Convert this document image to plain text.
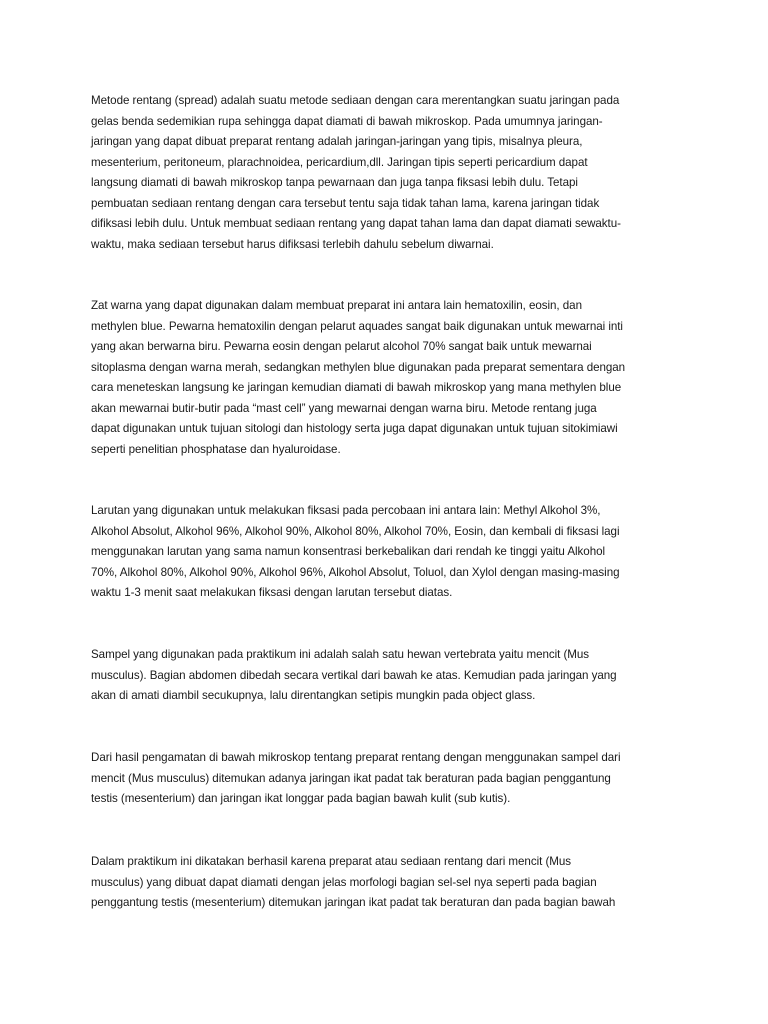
Metode rentang (spread) adalah suatu metode sediaan dengan cara merentangkan suatu jaringan pada
gelas benda sedemikian rupa sehingga dapat diamati di bawah mikroskop. Pada umumnya jaringan-
jaringan yang dapat dibuat preparat rentang adalah jaringan-jaringan yang tipis, misalnya pleura,
mesenterium, peritoneum, plarachnoidea, pericardium,dll. Jaringan tipis seperti pericardium dapat
langsung diamati di bawah mikroskop tanpa pewarnaan dan juga tanpa fiksasi lebih dulu. Tetapi
pembuatan sediaan rentang dengan cara tersebut tentu saja tidak tahan lama, karena jaringan tidak
difiksasi lebih dulu. Untuk membuat sediaan rentang yang dapat tahan lama dan dapat diamati sewaktu-
waktu, maka sediaan tersebut harus difiksasi terlebih dahulu sebelum diwarnai.

Zat warna yang dapat digunakan dalam membuat preparat ini antara lain hematoxilin, eosin, dan
methylen blue. Pewarna hematoxilin dengan pelarut aquades sangat baik digunakan untuk mewarnai inti
yang akan berwarna biru. Pewarna eosin dengan pelarut alcohol 70% sangat baik untuk mewarnai
sitoplasma dengan warna merah, sedangkan methylen blue digunakan pada preparat sementara dengan
cara meneteskan langsung ke jaringan kemudian diamati di bawah mikroskop yang mana methylen blue
akan mewarnai butir-butir pada “mast cell” yang mewarnai dengan warna biru. Metode rentang juga
dapat digunakan untuk tujuan sitologi dan histology serta juga dapat digunakan untuk tujuan sitokimiawi
seperti penelitian phosphatase dan hyaluroidase.

Larutan yang digunakan untuk melakukan fiksasi pada percobaan ini antara lain: Methyl Alkohol 3%,
Alkohol Absolut, Alkohol 96%, Alkohol 90%, Alkohol 80%, Alkohol 70%, Eosin, dan kembali di fiksasi lagi
menggunakan larutan yang sama namun konsentrasi berkebalikan dari rendah ke tinggi yaitu Alkohol
70%, Alkohol 80%, Alkohol 90%, Alkohol 96%, Alkohol Absolut, Toluol, dan Xylol dengan masing-masing
waktu 1-3 menit saat melakukan fiksasi dengan larutan tersebut diatas.

Sampel yang digunakan pada praktikum ini adalah salah satu hewan vertebrata yaitu mencit (Mus
musculus). Bagian abdomen dibedah secara vertikal dari bawah ke atas. Kemudian pada jaringan yang
akan di amati diambil secukupnya, lalu direntangkan setipis mungkin pada object glass.

Dari hasil pengamatan di bawah mikroskop tentang preparat rentang dengan menggunakan sampel dari
mencit (Mus musculus) ditemukan adanya jaringan ikat padat tak beraturan pada bagian penggantung
testis (mesenterium) dan jaringan ikat longgar pada bagian bawah kulit (sub kutis).

Dalam praktikum ini dikatakan berhasil karena preparat atau sediaan rentang dari mencit (Mus
musculus) yang dibuat dapat diamati dengan jelas morfologi bagian sel-sel nya seperti pada bagian
penggantung testis (mesenterium) ditemukan jaringan ikat padat tak beraturan dan pada bagian bawah
